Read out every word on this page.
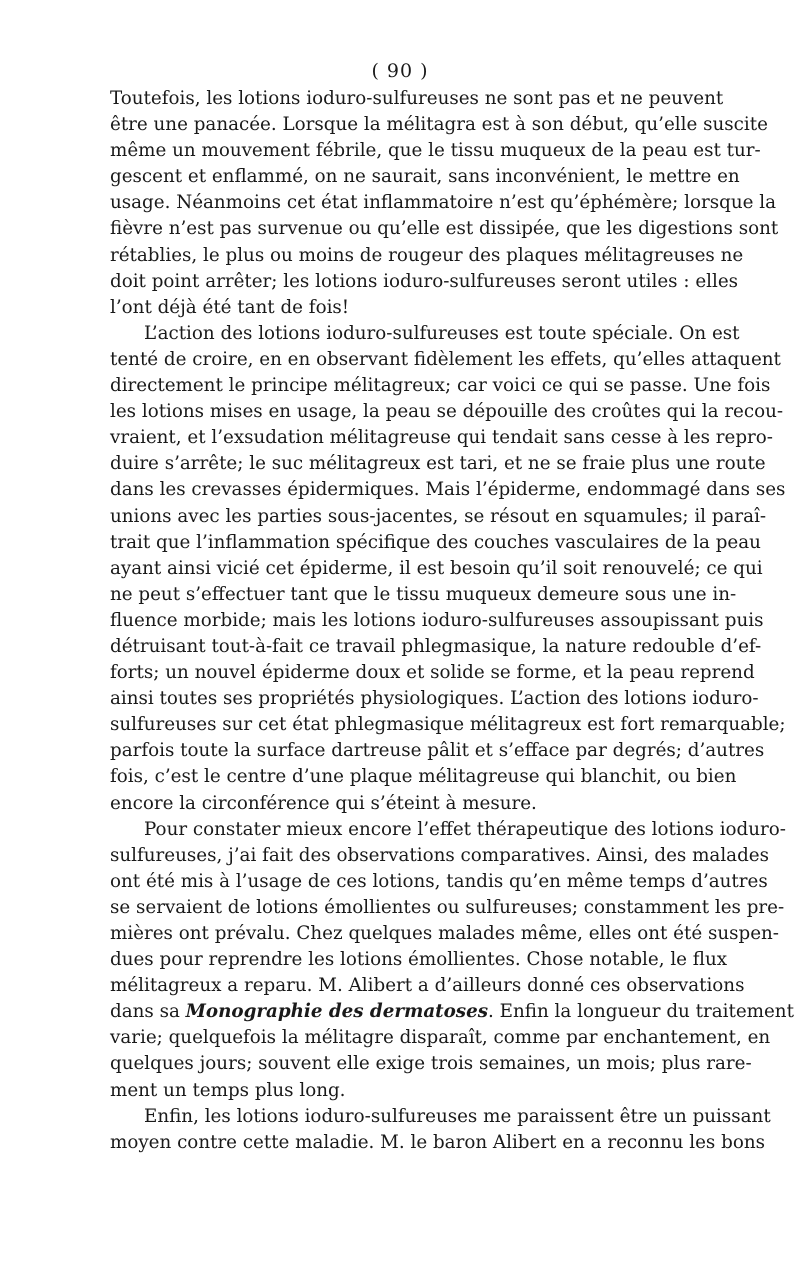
( 90 )
Toutefois, les lotions ioduro-sulfureuses ne sont pas et ne peuvent
être une panacée. Lorsque la mélitagra est à son début, qu’elle suscite
même un mouvement fébrile, que le tissu muqueux de la peau est tur-
gescent et enflammé, on ne saurait, sans inconvénient, le mettre en
usage. Néanmoins cet état inflammatoire n’est qu’éphémère; lorsque la
fièvre n’est pas survenue ou qu’elle est dissipée, que les digestions sont
rétablies, le plus ou moins de rougeur des plaques mélitagreuses ne
doit point arrêter; les lotions ioduro-sulfureuses seront utiles : elles
l’ont déjà été tant de fois!
L’action des lotions ioduro-sulfureuses est toute spéciale. On est
tenté de croire, en en observant fidèlement les effets, qu’elles attaquent
directement le principe mélitagreux; car voici ce qui se passe. Une fois
les lotions mises en usage, la peau se dépouille des croûtes qui la recou-
vraient, et l’exsudation mélitagreuse qui tendait sans cesse à les repro-
duire s’arrête; le suc mélitagreux est tari, et ne se fraie plus une route
dans les crevasses épidermiques. Mais l’épiderme, endommagé dans ses
unions avec les parties sous-jacentes, se résout en squamules; il paraî-
trait que l’inflammation spécifique des couches vasculaires de la peau
ayant ainsi vicié cet épiderme, il est besoin qu’il soit renouvelé; ce qui
ne peut s’effectuer tant que le tissu muqueux demeure sous une in-
fluence morbide; mais les lotions ioduro-sulfureuses assoupissant puis
détruisant tout-à-fait ce travail phlegmasique, la nature redouble d’ef-
forts; un nouvel épiderme doux et solide se forme, et la peau reprend
ainsi toutes ses propriétés physiologiques. L’action des lotions ioduro-
sulfureuses sur cet état phlegmasique mélitagreux est fort remarquable;
parfois toute la surface dartreuse pâlit et s’efface par degrés; d’autres
fois, c’est le centre d’une plaque mélitagreuse qui blanchit, ou bien
encore la circonférence qui s’éteint à mesure.
Pour constater mieux encore l’effet thérapeutique des lotions ioduro-
sulfureuses, j’ai fait des observations comparatives. Ainsi, des malades
ont été mis à l’usage de ces lotions, tandis qu’en même temps d’autres
se servaient de lotions émollientes ou sulfureuses; constamment les pre-
mières ont prévalu. Chez quelques malades même, elles ont été suspen-
dues pour reprendre les lotions émollientes. Chose notable, le flux
mélitagreux a reparu. M. Alibert a d’ailleurs donné ces observations
dans sa Monographie des dermatoses. Enfin la longueur du traitement
varie; quelquefois la mélitagre disparaît, comme par enchantement, en
quelques jours; souvent elle exige trois semaines, un mois; plus rare-
ment un temps plus long.
Enfin, les lotions ioduro-sulfureuses me paraissent être un puissant
moyen contre cette maladie. M. le baron Alibert en a reconnu les bons
